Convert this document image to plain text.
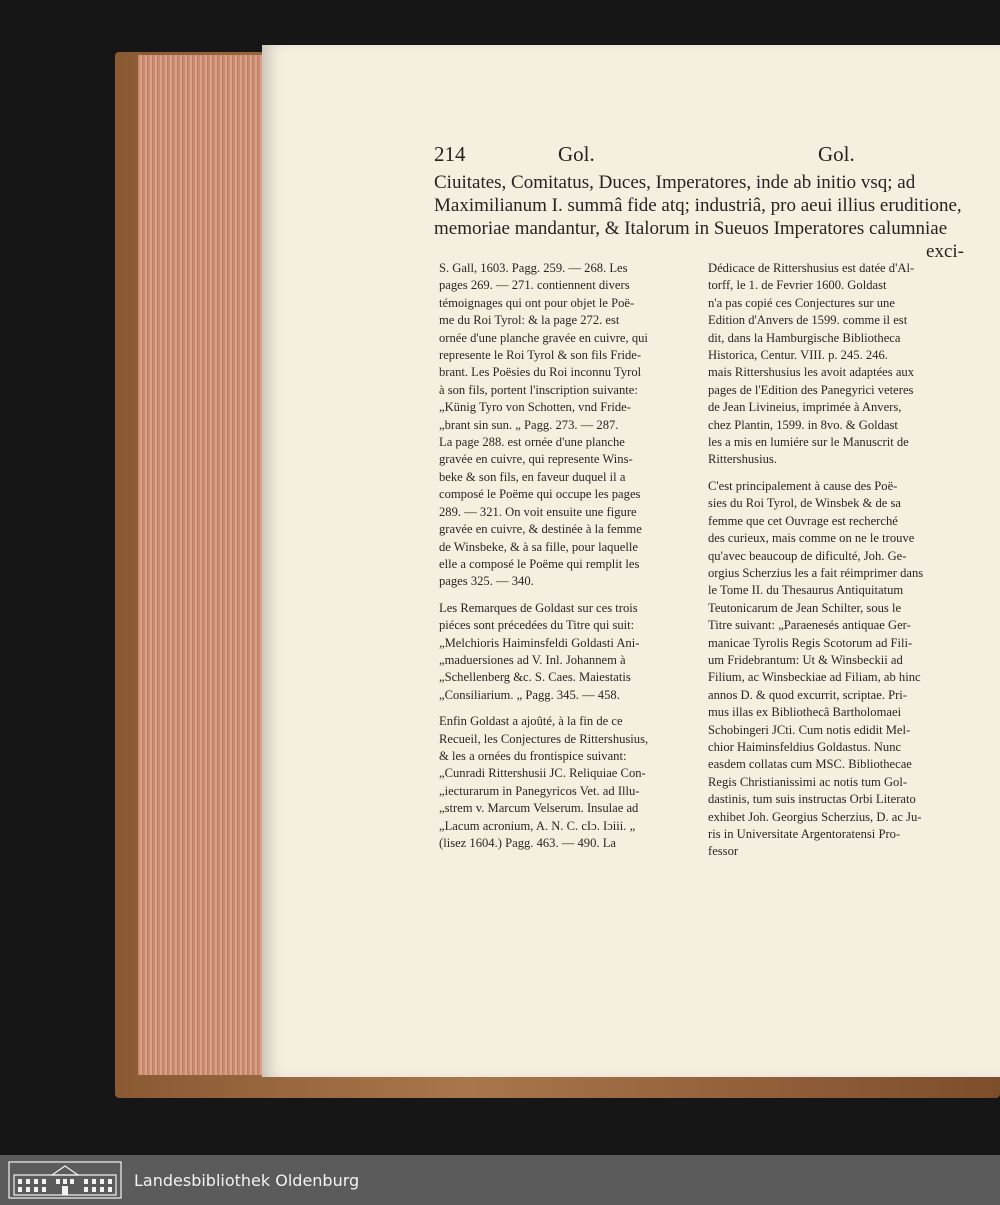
214	Gol.	Gol.
Ciuitates, Comitatus, Duces, Imperatores, inde ab initio vsq; ad
Maximilianum I. summâ fide atq; industriâ, pro aeui illius eruditione,
memoriae mandantur, & Italorum in Sueuos Imperatores calumniae
exci-
S. Gall, 1603. Pagg. 259. — 268. Les
pages 269. — 271. contiennent divers
témoignages qui ont pour objet le Poë-
me du Roi Tyrol: & la page 272. est
ornée d'une planche gravée en cuivre, qui
represente le Roi Tyrol & son fils Fride-
brant. Les Poësies du Roi inconnu Tyrol
à son fils, portent l'inscription suivante:
„Künig Tyro von Schotten, vnd Fride-
„brant sin sun. „ Pagg. 273. — 287.
La page 288. est ornée d'une planche
gravée en cuivre, qui represente Wins-
beke & son fils, en faveur duquel il a
composé le Poëme qui occupe les pages
289. — 321. On voit ensuite une figure
gravée en cuivre, & destinée à la femme
de Winsbeke, & à sa fille, pour laquelle
elle a composé le Poëme qui remplit les
pages 325. — 340.
Les Remarques de Goldast sur ces trois
piéces sont précedées du Titre qui suit:
„Melchioris Haiminsfeldi Goldasti Ani-
„maduersiones ad V. Inl. Johannem à
„Schellenberg &c. S. Caes. Maiestatis
„Consiliarium. „ Pagg. 345. — 458.
Enfin Goldast a ajoûté, à la fin de ce
Recueil, les Conjectures de Rittershusius,
& les a ornées du frontispice suivant:
„Cunradi Rittershusii JC. Reliquiae Con-
„iecturarum in Panegyricos Vet. ad Illu-
„strem v. Marcum Velserum. Insulae ad
„Lacum acronium, A. N. C. cIɔ. Iɔiii. „
(lisez 1604.) Pagg. 463. — 490. La
Dédicace de Rittershusius est datée d'Al-
torff, le 1. de Fevrier 1600. Goldast
n'a pas copié ces Conjectures sur une
Edition d'Anvers de 1599. comme il est
dit, dans la Hamburgische Bibliotheca
Historica, Centur. VIII. p. 245. 246.
mais Rittershusius les avoit adaptées aux
pages de l'Edition des Panegyrici veteres
de Jean Livineius, imprimée à Anvers,
chez Plantin, 1599. in 8vo. & Goldast
les a mis en lumiére sur le Manuscrit de
Rittershusius.
C'est principalement à cause des Poë-
sies du Roi Tyrol, de Winsbek & de sa
femme que cet Ouvrage est recherché
des curieux, mais comme on ne le trouve
qu'avec beaucoup de dificulté, Joh. Ge-
orgius Scherzius les a fait réimprimer dans
le Tome II. du Thesaurus Antiquitatum
Teutonicarum de Jean Schilter, sous le
Titre suivant: „Paraenesés antiquae Ger-
manicae Tyrolis Regis Scotorum ad Fili-
um Fridebrantum: Ut & Winsbeckii ad
Filium, ac Winsbeckiae ad Filiam, ab hinc
annos D. & quod excurrit, scriptae. Pri-
mus illas ex Bibliothecâ Bartholomaei
Schobingeri JCti. Cum notis edidit Mel-
chior Haiminsfeldius Goldastus. Nunc
easdem collatas cum MSC. Bibliothecae
Regis Christianissimi ac notis tum Gol-
dastinis, tum suis instructas Orbi Literato
exhibet Joh. Georgius Scherzius, D. ac Ju-
ris in Universitate Argentoratensi Pro-
fessor
Landesbibliothek Oldenburg
